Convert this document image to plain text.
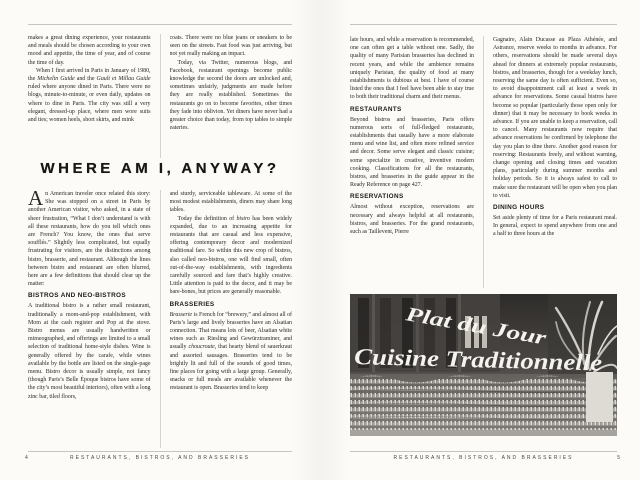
makes a great dining experience, your restaurants and meals should be chosen according to your own mood and appetite, the time of year, and of course the time of day.

When I first arrived in Paris in January of 1980, the Michelin Guide and the Gault et Millau Guide ruled where anyone dined in Paris. There were no blogs, minute-to-minute, or even daily, updates on where to dine in Paris. The city was still a very elegant, dressed-up place, where men wore suits and ties; women heels, short skirts, and mink

coats. There were no blue jeans or sneakers to be seen on the streets. Fast food was just arriving, but not yet really making an impact.

Today, via Twitter, numerous blogs, and Facebook, restaurant openings become public knowledge the second the doors are unlocked and, sometimes unfairly, judgments are made before they are really established. Sometimes the restaurants go on to become favorites, other times they fade into oblivion. Yet diners have never had a greater choice than today, from top tables to simple eateries.

WHERE AM I, ANYWAY?

An American traveler once related this story: She was stopped on a street in Paris by another American visitor, who asked, in a state of sheer frustration, “What I don’t understand is with all these restaurants, how do you tell which ones are French? You know, the ones that serve soufflés.” Slightly less complicated, but equally frustrating for visitors, are the distinctions among bistro, brasserie, and restaurant. Although the lines between bistro and restaurant are often blurred, here are a few definitions that should clear up the matter:

BISTROS AND NEO-BISTROS

A traditional bistro is a rather small restaurant, traditionally a mom-and-pop establishment, with Mom at the cash register and Pop at the stove. Bistro menus are usually handwritten or mimeographed, and offerings are limited to a small selection of traditional home-style dishes. Wine is generally offered by the carafe, while wines available by the bottle are listed on the single-page menu. Bistro decor is usually simple, not fancy (though Paris’s Belle Époque bistros have some of the city’s most beautiful interiors), often with a long zinc bar, tiled floors,

and sturdy, serviceable tableware. At some of the most modest establishments, diners may share long tables.

Today the definition of bistro has been widely expanded, due to an increasing appetite for restaurants that are casual and less expensive, offering contemporary decor and modernized traditional fare. So within this new crop of bistros, also called neo-bistros, one will find small, often out-of-the-way establishments, with ingredients carefully sourced and fare that’s highly creative. Little attention is paid to the decor, and it may be bare-bones, but prices are generally reasonable.

BRASSERIES

Brasserie is French for “brewery,” and almost all of Paris’s large and lively brasseries have an Alsatian connection. That means lots of beer, Alsatian white wines such as Riesling and Gewürztraminer, and usually choucroute, that hearty blend of sauerkraut and assorted sausages. Brasseries tend to be brightly lit and full of the sounds of good times, fine places for going with a large group. Generally, snacks or full meals are available whenever the restaurant is open. Brasseries tend to keep

4	RESTAURANTS, BISTROS, AND BRASSERIES

late hours, and while a reservation is recommended, one can often get a table without one. Sadly, the quality of many Parisian brasseries has declined in recent years, and while the ambience remains uniquely Parisian, the quality of food at many establishments is dubious at best. I have of course listed the ones that I feel have been able to stay true to both their traditional charm and their menus.

RESTAURANTS

Beyond bistros and brasseries, Paris offers numerous sorts of full-fledged restaurants, establishments that usually have a more elaborate menu and wine list, and often more refined service and decor. Some serve elegant and classic cuisine; some specialize in creative, inventive modern cooking. Classifications for all the restaurants, bistros, and brasseries in the guide appear in the Ready Reference on page 427.

RESERVATIONS

Almost without exception, reservations are necessary and always helpful at all restaurants, bistros, and brasseries. For the grand restaurants, such as Taillevent, Pierre

Gagnaire, Alain Ducasse au Plaza Athénée, and Astrance, reserve weeks to months in advance. For others, reservations should be made several days ahead for dinners at extremely popular restaurants, bistros, and brasseries, though for a weekday lunch, reserving the same day is often sufficient. Even so, to avoid disappointment call at least a week in advance for reservations. Some casual bistros have become so popular (particularly those open only for dinner) that it may be necessary to book weeks in advance. If you are unable to keep a reservation, call to cancel. Many restaurants now require that advance reservations be confirmed by telephone the day you plan to dine there. Another good reason for reserving: Restaurants freely, and without warning, change opening and closing times and vacation plans, particularly during summer months and holiday periods. So it is always safest to call to make sure the restaurant will be open when you plan to visit.

DINING HOURS

Set aside plenty of time for a Paris restaurant meal. In general, expect to spend anywhere from one and a half to three hours at the

Plat du Jour
Cuisine Traditionnelle
RESTAURANTS, BISTROS, AND BRASSERIES	5
